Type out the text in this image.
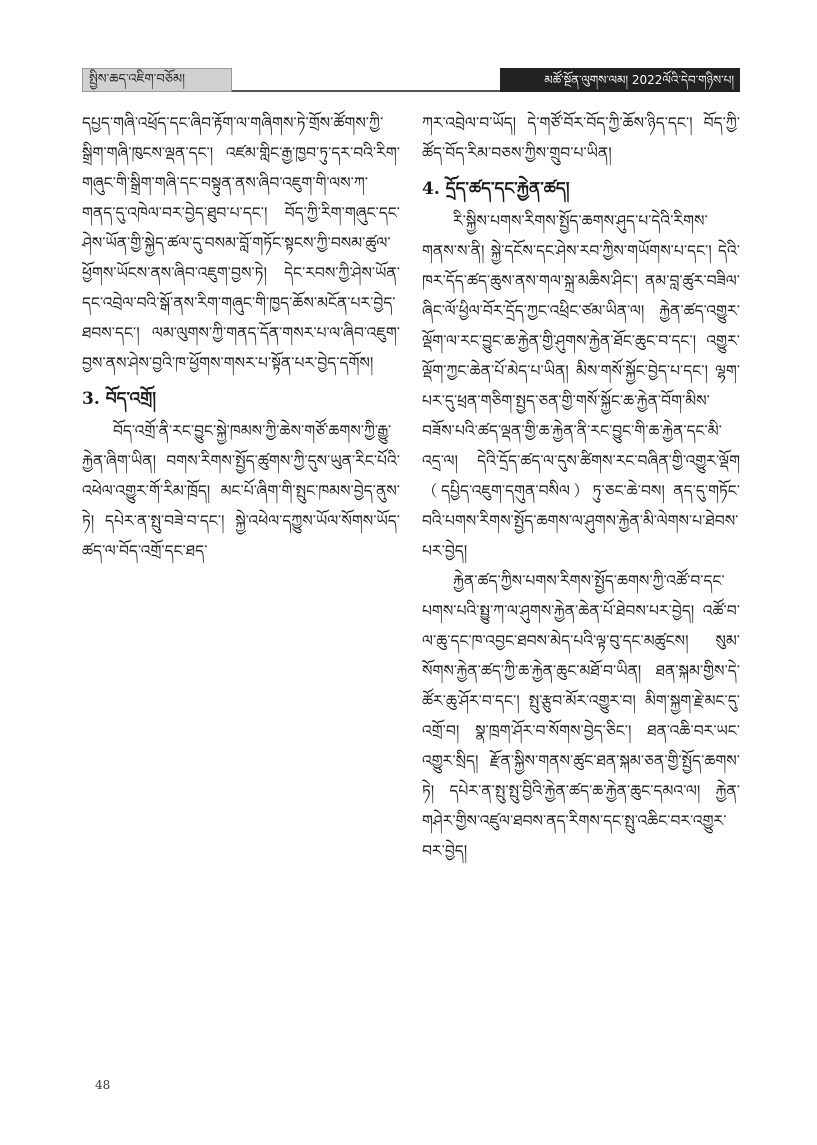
སྤྱིས་ཆད་འཇིག་བཅོམ།	མཚོ་སྔོན་ལུགས་ལམ། 2022ལོའི་དེབ་གཉིས་པ།

དཔྱད་གཞི་འཕྲོད་དང་ཞིབ་རྟོག་ལ་གཞིགས་ཏེ་གྲོས་ཚོགས་ཀྱི་སྒྲིག་གཞི་ཁུངས་ལྡན་དང་། འཛམ་གླིང་རྒྱ་ཁྱབ་ཏུ་དར་བའི་རིག་གཞུང་གི་སྒྲིག་གཞི་དང་བསྟུན་ནས་ཞིབ་འཇུག་གི་ལས་ཀ་གནད་དུ་འཁེལ་བར་བྱེད་ཐུབ་པ་དང་། བོད་ཀྱི་རིག་གཞུང་དང་ཤེས་ཡོན་གྱི་སྐྱེད་ཚལ་དུ་བསམ་བློ་གཏོང་སྟངས་ཀྱི་བསམ་ཚུལ་ཕྱོགས་ཡོངས་ནས་ཞིབ་འཇུག་བྱས་ཏེ། དེང་རབས་ཀྱི་ཤེས་ཡོན་དང་འབྲེལ་བའི་སྒོ་ནས་རིག་གཞུང་གི་ཁྱད་ཆོས་མངོན་པར་བྱེད་ཐབས་དང་། ལམ་ལུགས་ཀྱི་གནད་དོན་གསར་པ་ལ་ཞིབ་འཇུག་བྱས་ནས་ཤེས་བྱའི་ཁ་ཕྱོགས་གསར་པ་སྟོན་པར་བྱེད་དགོས།

3. བོད་འགྲོ།

བོད་འགྲོ་ནི་རང་བྱུང་སྐྱེ་ཁམས་ཀྱི་ཆེས་གཙོ་ཆགས་ཀྱི་རྒྱུ་རྐྱེན་ཞིག་ཡིན། བགས་རིགས་སྤྱོད་ཚུགས་ཀྱི་དུས་ཡུན་རིང་པོའི་འཕེལ་འགྱུར་གོ་རིམ་ཁྲོད། མང་པོ་ཞིག་གི་སྤུང་ཁམས་བྱེད་ནུས་ཏེ། དཔེར་ན་སྤུ་བཟེ་བ་དང་། སྐྱེ་འཕེལ་དཀྱུས་ཡོལ་སོགས་ཡོད་ཚད་ལ་བོད་འགྲོ་དང་ཐད་

ཀར་འབྲེལ་བ་ཡོད། དེ་གཙོ་བོར་བོད་ཀྱི་ཆོས་ཉིད་དང་། བོད་ཀྱི་ཚོད་བོད་རིམ་བཅས་ཀྱིས་གྲུབ་པ་ཡིན།

4. དྲོད་ཚད་དང་རྐྱེན་ཚད།

རི་སྐྱིས་པགས་རིགས་སྤྱོད་ཆགས་ཤུད་པ་དེའི་རིགས་གནས་ས་ནི། སྐྱེ་དངོས་དང་ཤེས་རབ་ཀྱིས་གཡོགས་པ་དང་། དེའི་ཁར་དོད་ཚད་ཆུས་ནས་གལ་སྐྲ་མཆིས་ཤིང་། ནམ་བླ་ཚུར་བཟིལ་ཞིང་ལོ་ཕྱིལ་བོར་དྲོད་ཀྱང་འཕྲིང་ཙམ་ཡིན་ལ། རྐྱེན་ཚད་འགྱུར་ལྡོག་ལ་རང་བྱུང་ཆ་རྐྱེན་གྱི་ཤུགས་རྐྱེན་ཐོང་ཆུང་བ་དང་། འགྱུར་ལྡོག་ཀྱང་ཆེན་པོ་མེད་པ་ཡིན། མིས་གསོ་སྐྱོང་བྱེད་པ་དང་། ལྷག་པར་དུ་ཕྲན་གཅིག་སྤྱད་ཅན་གྱི་གསོ་སྐྱོང་ཆ་རྐྱེན་བོག་མིས་བཟོས་པའི་ཚད་ལྡན་གྱི་ཆ་རྐྱེན་ནི་རང་བྱུང་གི་ཆ་རྐྱེན་དང་མི་འདྲ་ལ། དེའི་དྲོད་ཚད་ལ་དུས་ཚིགས་རང་བཞིན་གྱི་འགྱུར་ལྡོག（དཔྱིད་འཇུག་དགུན་བསིལ）ཏུ་ཅང་ཆེ་བས། ནད་དུ་གཏོང་བའི་པགས་རིགས་སྤྱོད་ཆགས་ལ་ཤུགས་རྐྱེན་མི་ལེགས་པ་ཐེབས་པར་བྱེད།

རྐྱེན་ཚད་ཀྱིས་པགས་རིགས་སྤྱོད་ཆགས་ཀྱི་འཚོ་བ་དང་པགས་པའི་སྤྱུ་ཀ་ལ་ཤུགས་རྐྱེན་ཆེན་པོ་ཐེབས་པར་བྱེད། འཚོ་བ་ལ་ཆུ་དང་ཁ་འབྱང་ཐབས་མེད་པའི་ལྟ་བུ་དང་མཚུངས། སུམ་སོགས་རྐྱེན་ཚད་ཀྱི་ཆ་རྐྱེན་ཆུང་མཐོ་བ་ཡིན། ཐན་སྐམ་གྱིས་དེ་ཚོར་ཆུ་ཤོར་བ་དང་། སྤུ་རྩུབ་མོར་འགྱུར་བ། མིག་སྐྱག་རྗེ་མང་དུ་འགྲོ་བ། སྣ་ཁྲག་ཤོར་བ་སོགས་བྱེད་ཅིང་། ཐན་འཆི་བར་ཡང་འགྱུར་སྲིད། རྫོན་སྐྱིས་གནས་ཚུང་ཐན་སྐམ་ཅན་གྱི་སྤྱོད་ཆགས་ཏེ། དཔེར་ན་སྤུ་སྤུ་བྱིའི་རྐྱེན་ཚད་ཆ་རྐྱེན་ཆུང་དམའ་ལ། རྐྱེན་གཤེར་གྱིས་འཛུལ་ཐབས་ནད་རིགས་དང་སྤུ་འཆིང་བར་འགྱུར་བར་བྱེད།

48
